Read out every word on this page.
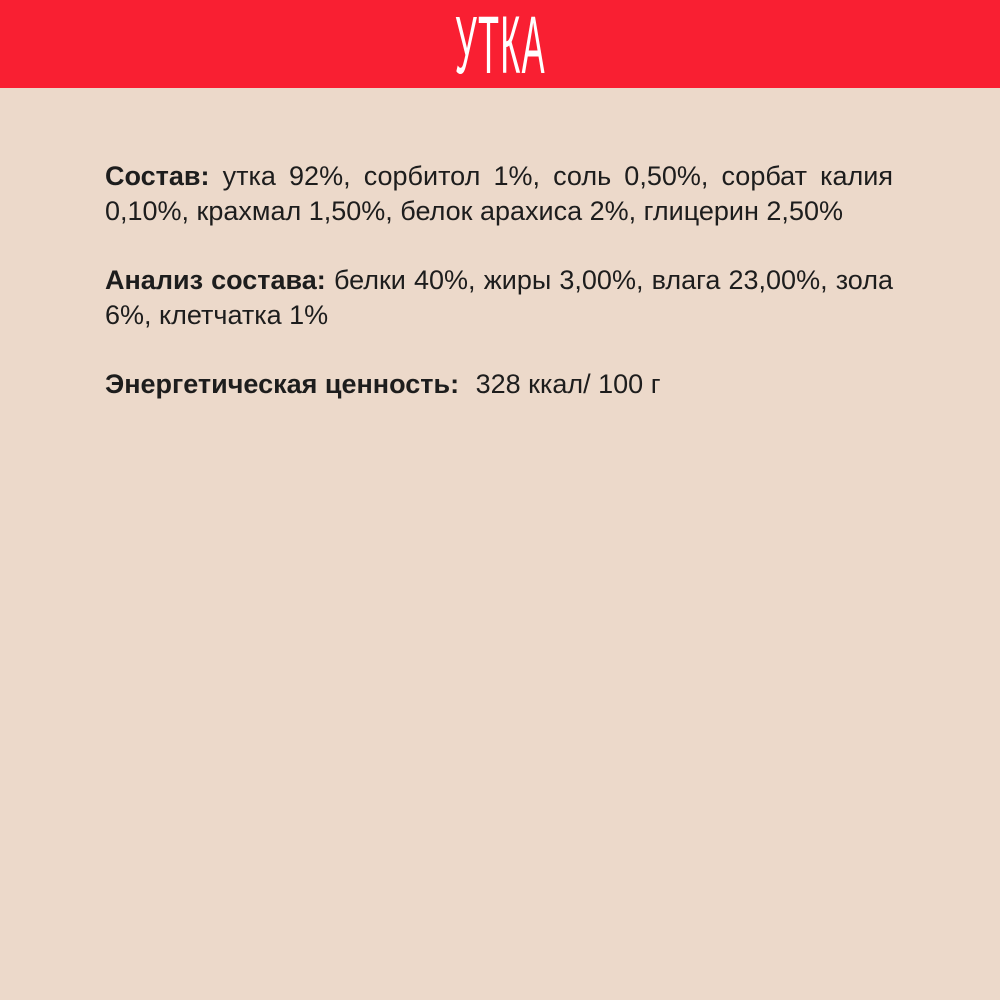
УТКА

Состав: утка 92%, сорбитол 1%, соль 0,50%, сорбат калия 0,10%, крахмал 1,50%, белок арахиса 2%, глицерин 2,50%

Анализ состава: белки 40%, жиры 3,00%, влага 23,00%, зола 6%, клетчатка 1%

Энергетическая ценность: 328 ккал/ 100 г
